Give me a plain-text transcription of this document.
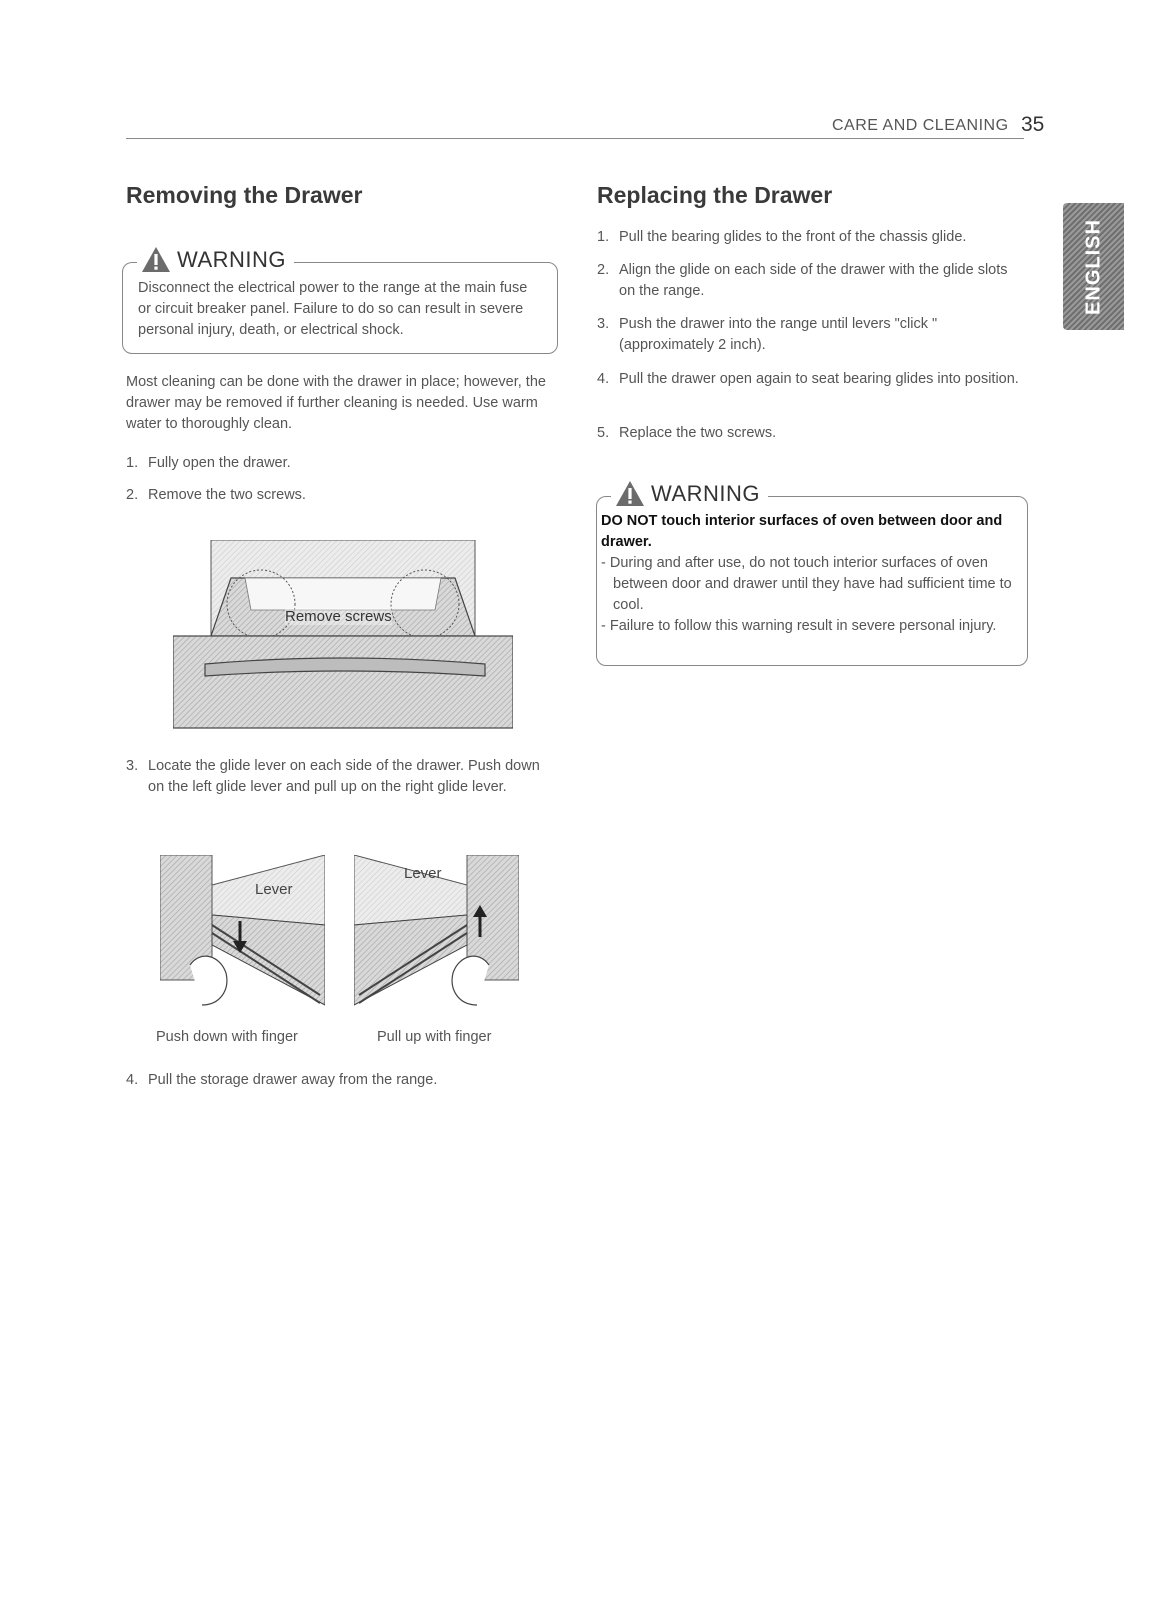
CARE AND CLEANING 35
ENGLISH
Removing the Drawer
WARNING
Disconnect the electrical power to the range at the main fuse or circuit breaker panel. Failure to do so can result in severe personal injury, death, or electrical shock.

Most cleaning can be done with the drawer in place; however, the drawer may be removed if further cleaning is needed. Use warm water to thoroughly clean.

1. Fully open the drawer.
2. Remove the two screws.
Remove screws
3. Locate the glide lever on each side of the drawer. Push down on the left glide lever and pull up on the right glide lever.
Lever
Lever
Push down with finger	Pull up with finger
4. Pull the storage drawer away from the range.
Replacing the Drawer
1. Pull the bearing glides to the front of the chassis glide.
2. Align the glide on each side of the drawer with the glide slots on the range.
3. Push the drawer into the range until levers "click " (approximately 2 inch).
4. Pull the drawer open again to seat bearing glides into position.
5. Replace the two screws.
WARNING
DO NOT touch interior surfaces of oven between door and drawer.
- During and after use, do not touch interior surfaces of oven between door and drawer until they have had sufficient time to cool.
- Failure to follow this warning result in severe personal injury.
